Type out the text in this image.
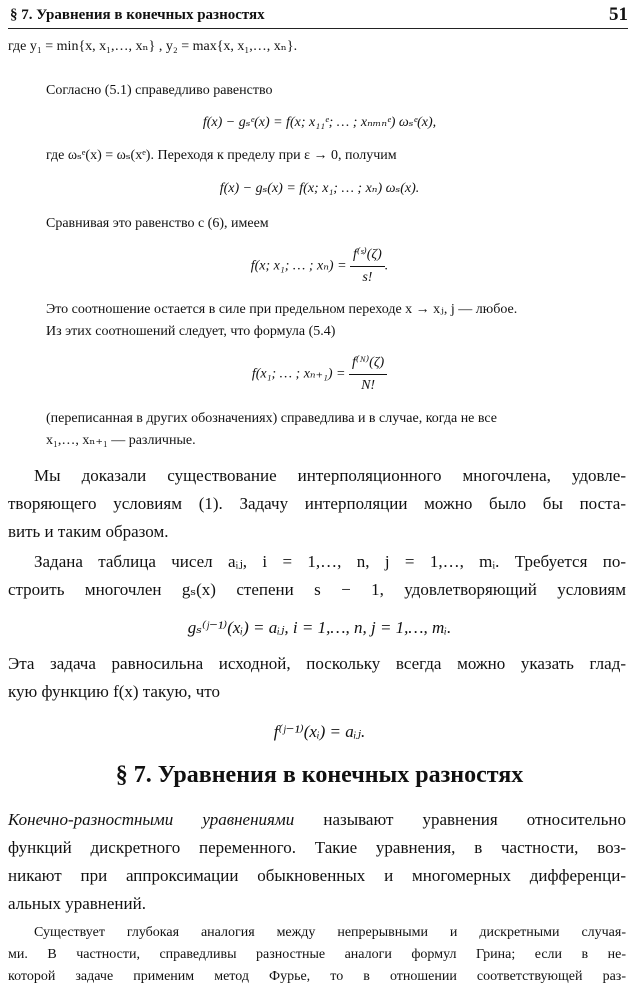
§ 7. Уравнения в конечных разностях	51
где y₁ = min{x, x₁,…, xₙ} , y₂ = max{x, x₁,…, xₙ}.
Согласно (5.1) справедливо равенство
f(x) − gₛᵉ(x) = f(x; x₁₁ᵉ; … ; xₙₘₙᵉ) ωₛᵉ(x),
где ωₛᵉ(x) = ωₛ(xᵉ). Переходя к пределу при ε → 0, получим
f(x) − gₛ(x) = f(x; x₁; … ; xₙ) ωₛ(x).
Сравнивая это равенство с (6), имеем
f(x; x₁; … ; $x_n) = \frac{\text{f⁽ˢ⁾(ζ)}}{s!}$ .
Это соотношение остается в силе при предельном переходе x → xⱼ, j — любое.
Из этих соотношений следует, что формула (5.4)
f(x₁; … ; $x_{n+1}) = \frac{\text{f⁽ᴺ⁾(ζ)}}{N!}$
(переписанная в других обозначениях) справедлива и в случае, когда не все
x₁,…, xₙ₊₁ — различные.
Мы доказали существование интерполяционного многочлена, удовле-
творяющего условиям (1). Задачу интерполяции можно было бы поста-
вить и таким образом.
Задана таблица чисел aᵢⱼ, i = 1,…, n, j = 1,…, mᵢ. Требуется по-
строить многочлен gₛ(x) степени s − 1, удовлетворяющий условиям
gₛ⁽ʲ⁻¹⁾(xᵢ) = aᵢⱼ, i = 1,…, n, j = 1,…, mᵢ.
Эта задача равносильна исходной, поскольку всегда можно указать глад-
кую функцию f(x) такую, что
f⁽ʲ⁻¹⁾(xᵢ) = aᵢⱼ.
§ 7. Уравнения в конечных разностях
Конечно-разностными уравнениями называют уравнения относительно
функций дискретного переменного. Такие уравнения, в частности, воз-
никают при аппроксимации обыкновенных и многомерных дифференци-
альных уравнений.
Существует глубокая аналогия между непрерывными и дискретными случая-
ми. В частности, справедливы разностные аналоги формул Грина; если в не-
которой задаче применим метод Фурье, то в отношении соответствующей раз-
